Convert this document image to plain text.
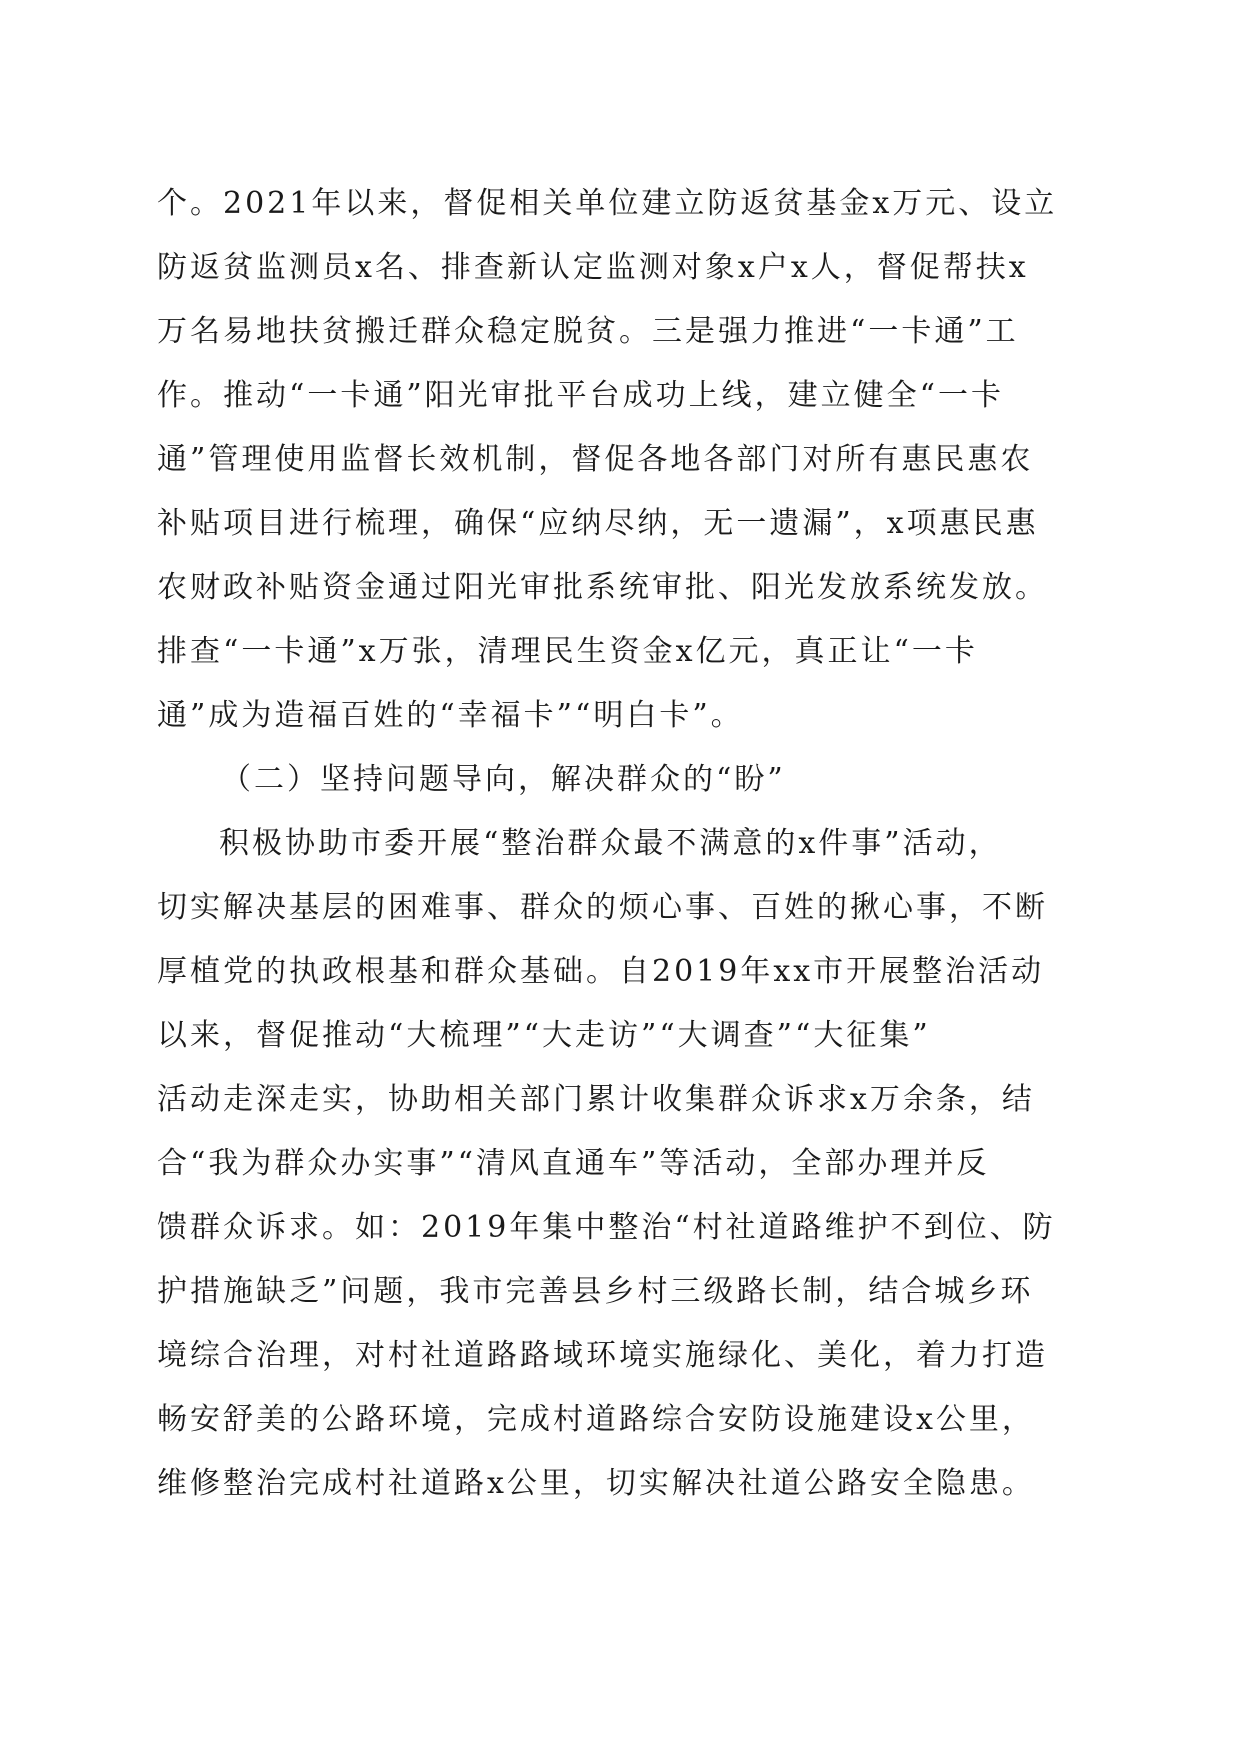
个。2021年以来，督促相关单位建立防返贫基金x万元、设立
防返贫监测员x名、排查新认定监测对象x户x人，督促帮扶x
万名易地扶贫搬迁群众稳定脱贫。三是强力推进“一卡通”工
作。推动“一卡通”阳光审批平台成功上线，建立健全“一卡
通”管理使用监督长效机制，督促各地各部门对所有惠民惠农
补贴项目进行梳理，确保“应纳尽纳，无一遗漏”，x项惠民惠
农财政补贴资金通过阳光审批系统审批、阳光发放系统发放。
排查“一卡通”x万张，清理民生资金x亿元，真正让“一卡
通”成为造福百姓的“幸福卡”“明白卡”。
（二）坚持问题导向，解决群众的“盼”
积极协助市委开展“整治群众最不满意的x件事”活动，
切实解决基层的困难事、群众的烦心事、百姓的揪心事，不断
厚植党的执政根基和群众基础。自2019年xx市开展整治活动
以来，督促推动“大梳理”“大走访”“大调查”“大征集”
活动走深走实，协助相关部门累计收集群众诉求x万余条，结
合“我为群众办实事”“清风直通车”等活动，全部办理并反
馈群众诉求。如：2019年集中整治“村社道路维护不到位、防
护措施缺乏”问题，我市完善县乡村三级路长制，结合城乡环
境综合治理，对村社道路路域环境实施绿化、美化，着力打造
畅安舒美的公路环境，完成村道路综合安防设施建设x公里，
维修整治完成村社道路x公里，切实解决社道公路安全隐患。
